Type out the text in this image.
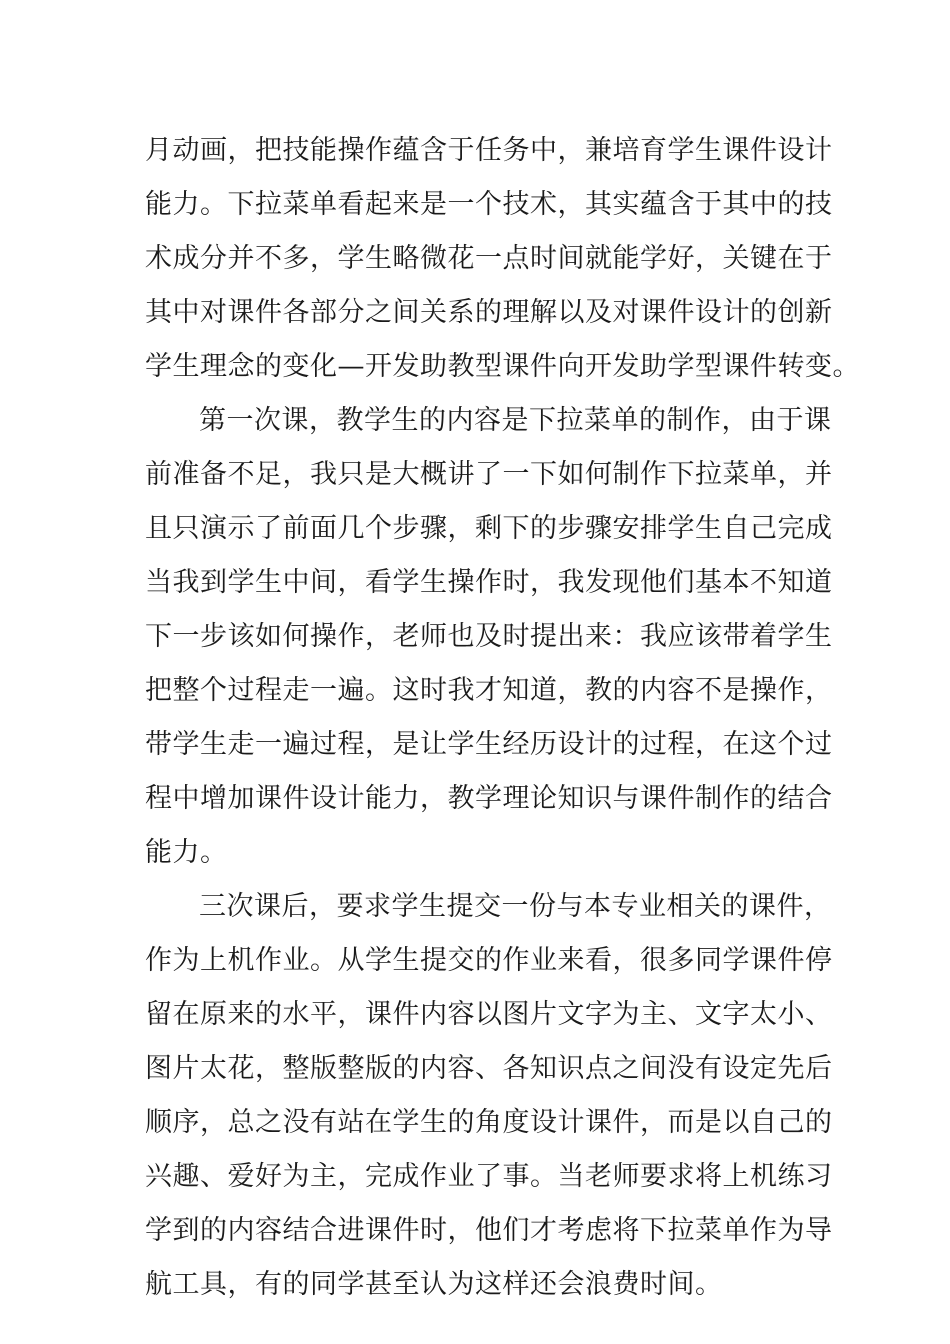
月动画，把技能操作蕴含于任务中，兼培育学生课件设计
能力。下拉菜单看起来是一个技术，其实蕴含于其中的技
术成分并不多，学生略微花一点时间就能学好，关键在于
其中对课件各部分之间关系的理解以及对课件设计的创新
学生理念的变化—开发助教型课件向开发助学型课件转变。
第一次课，教学生的内容是下拉菜单的制作，由于课
前准备不足，我只是大概讲了一下如何制作下拉菜单，并
且只演示了前面几个步骤，剩下的步骤安排学生自己完成
当我到学生中间，看学生操作时，我发现他们基本不知道
下一步该如何操作，老师也及时提出来：我应该带着学生
把整个过程走一遍。这时我才知道，教的内容不是操作，
带学生走一遍过程，是让学生经历设计的过程，在这个过
程中增加课件设计能力，教学理论知识与课件制作的结合
能力。
三次课后，要求学生提交一份与本专业相关的课件，
作为上机作业。从学生提交的作业来看，很多同学课件停
留在原来的水平，课件内容以图片文字为主、文字太小、
图片太花，整版整版的内容、各知识点之间没有设定先后
顺序，总之没有站在学生的角度设计课件，而是以自己的
兴趣、爱好为主，完成作业了事。当老师要求将上机练习
学到的内容结合进课件时，他们才考虑将下拉菜单作为导
航工具，有的同学甚至认为这样还会浪费时间。
